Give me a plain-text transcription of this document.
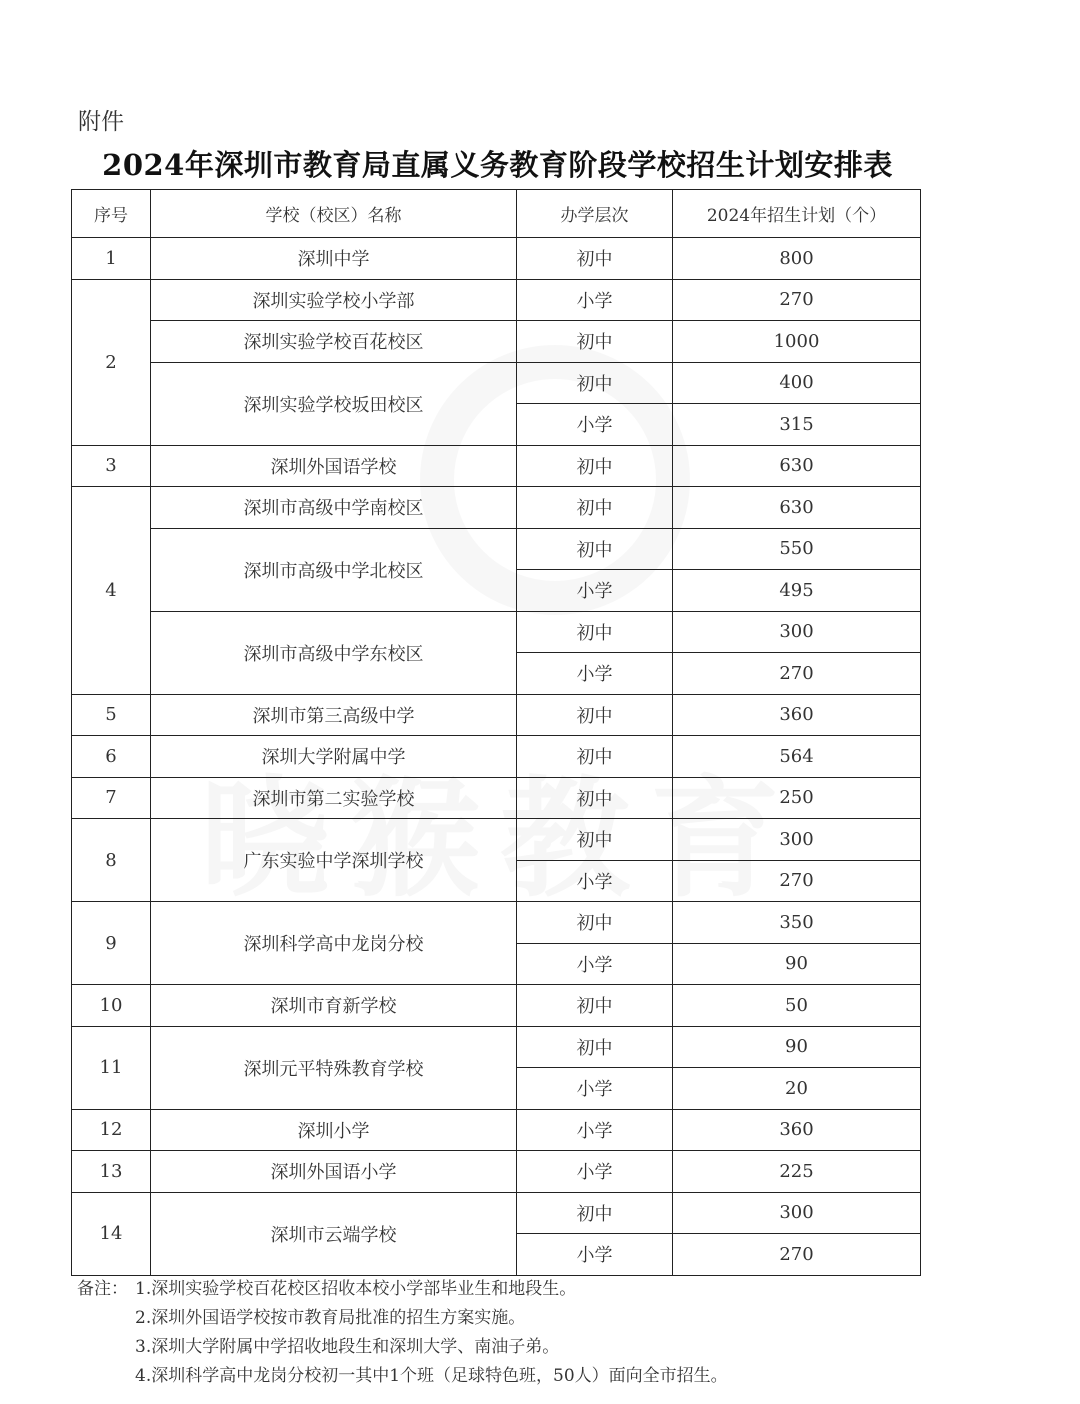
附件
2024年深圳市教育局直属义务教育阶段学校招生计划安排表
序号	学校（校区）名称	办学层次	2024年招生计划（个）
1	深圳中学	初中	800
2	深圳实验学校小学部	小学	270
	深圳实验学校百花校区	初中	1000
	深圳实验学校坂田校区	初中	400
		小学	315
3	深圳外国语学校	初中	630
4	深圳市高级中学南校区	初中	630
	深圳市高级中学北校区	初中	550
		小学	495
	深圳市高级中学东校区	初中	300
		小学	270
5	深圳市第三高级中学	初中	360
6	深圳大学附属中学	初中	564
7	深圳市第二实验学校	初中	250
8	广东实验中学深圳学校	初中	300
		小学	270
9	深圳科学高中龙岗分校	初中	350
		小学	90
10	深圳市育新学校	初中	50
11	深圳元平特殊教育学校	初中	90
		小学	20
12	深圳小学	小学	360
13	深圳外国语小学	小学	225
14	深圳市云端学校	初中	300
		小学	270
备注： 1.深圳实验学校百花校区招收本校小学部毕业生和地段生。
2.深圳外国语学校按市教育局批准的招生方案实施。
3.深圳大学附属中学招收地段生和深圳大学、南油子弟。
4.深圳科学高中龙岗分校初一其中1个班（足球特色班，50人）面向全市招生。
